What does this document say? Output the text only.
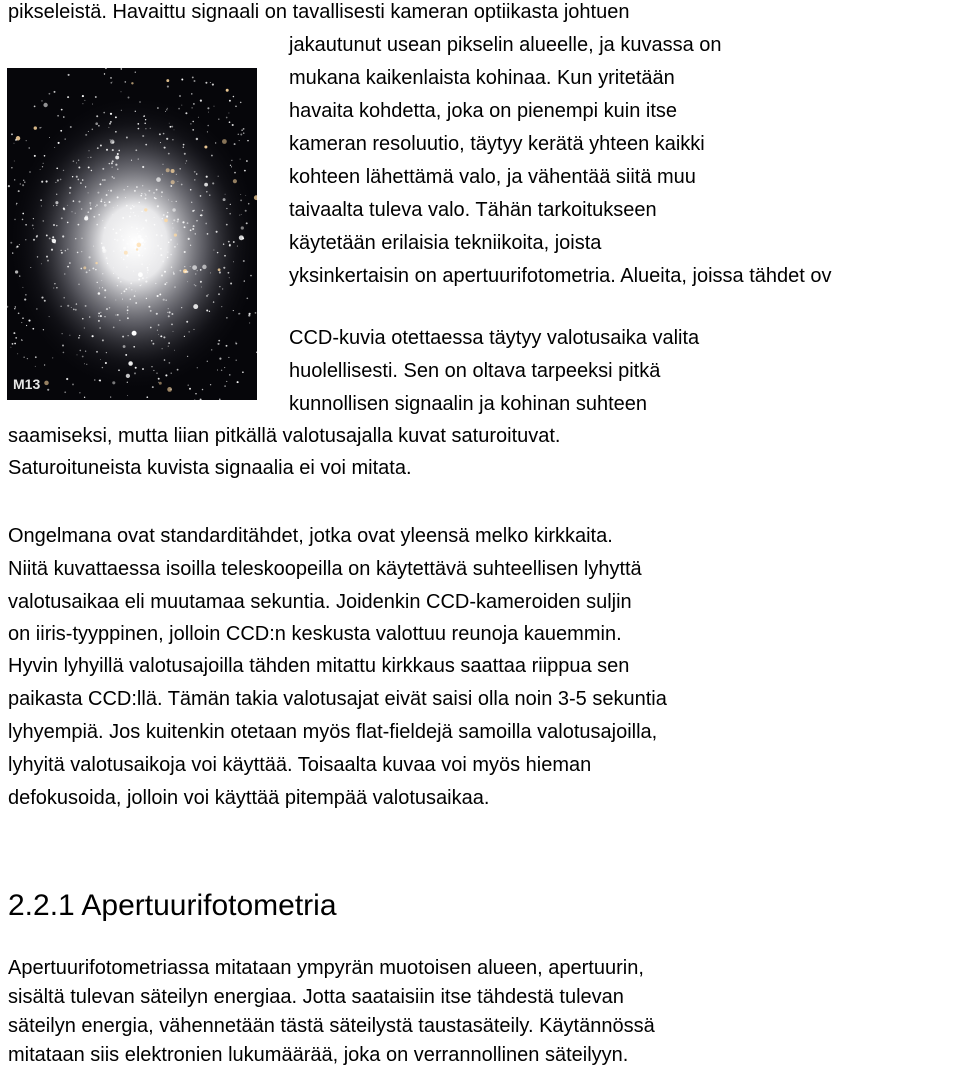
M13
pikseleistä. Havaittu signaali on tavallisesti kameran optiikasta johtuen
jakautunut usean pikselin alueelle, ja kuvassa on
mukana kaikenlaista kohinaa. Kun yritetään
havaita kohdetta, joka on pienempi kuin itse
kameran resoluutio, täytyy kerätä yhteen kaikki
kohteen lähettämä valo, ja vähentää siitä muu
taivaalta tuleva valo. Tähän tarkoitukseen
käytetään erilaisia tekniikoita, joista
yksinkertaisin on apertuurifotometria. Alueita, joissa tähdet ov
CCD-kuvia otettaessa täytyy valotusaika valita
huolellisesti. Sen on oltava tarpeeksi pitkä
kunnollisen signaalin ja kohinan suhteen
saamiseksi, mutta liian pitkällä valotusajalla kuvat saturoituvat.
Saturoituneista kuvista signaalia ei voi mitata.
Ongelmana ovat standarditähdet, jotka ovat yleensä melko kirkkaita.
Niitä kuvattaessa isoilla teleskoopeilla on käytettävä suhteellisen lyhyttä
valotusaikaa eli muutamaa sekuntia. Joidenkin CCD-kameroiden suljin
on iiris-tyyppinen, jolloin CCD:n keskusta valottuu reunoja kauemmin.
Hyvin lyhyillä valotusajoilla tähden mitattu kirkkaus saattaa riippua sen
paikasta CCD:llä. Tämän takia valotusajat eivät saisi olla noin 3-5 sekuntia
lyhyempiä. Jos kuitenkin otetaan myös flat-fieldejä samoilla valotusajoilla,
lyhyitä valotusaikoja voi käyttää. Toisaalta kuvaa voi myös hieman
defokusoida, jolloin voi käyttää pitempää valotusaikaa.
2.2.1 Apertuurifotometria
Apertuurifotometriassa mitataan ympyrän muotoisen alueen, apertuurin,
sisältä tulevan säteilyn energiaa. Jotta saataisiin itse tähdestä tulevan
säteilyn energia, vähennetään tästä säteilystä taustasäteily. Käytännössä
mitataan siis elektronien lukumäärää, joka on verrannollinen säteilyyn.
